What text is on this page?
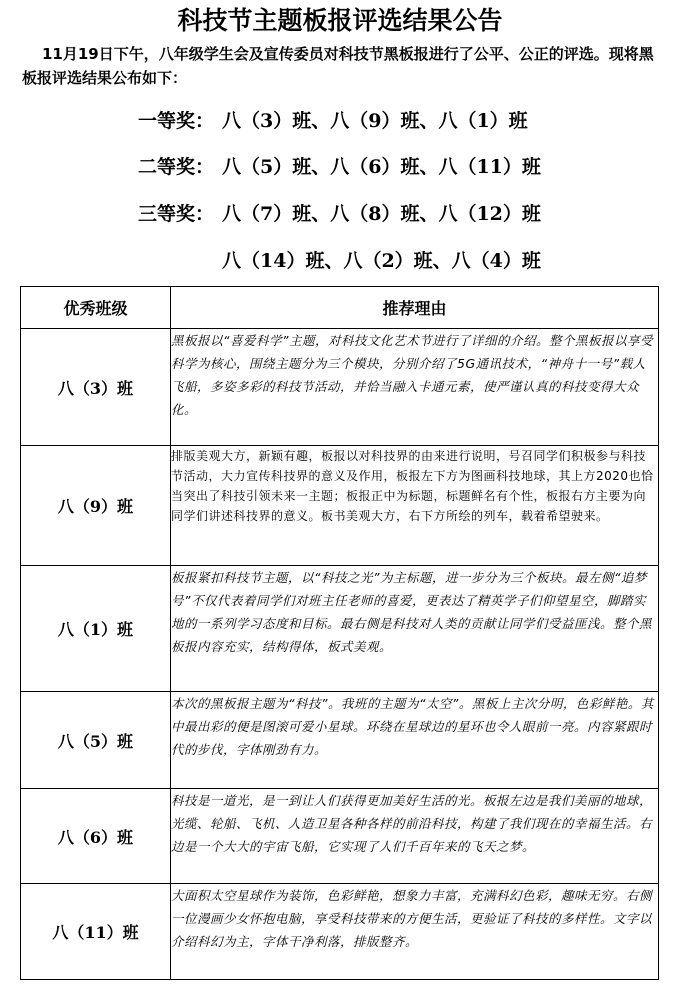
科技节主题板报评选结果公告
11月19日下午，八年级学生会及宣传委员对科技节黑板报进行了公平、公正的评选。现将黑板报评选结果公布如下：
一等奖： 八（3）班、八（9）班、八（1）班
二等奖： 八（5）班、八（6）班、八（11）班
三等奖： 八（7）班、八（8）班、八（12）班
八（14）班、八（2）班、八（4）班
优秀班级	推荐理由
八（3）班	黑板报以“喜爱科学”主题，对科技文化艺术节进行了详细的介绍。整个黑板报以享受科学为核心，围绕主题分为三个模块，分别介绍了5G通讯技术，“神舟十一号”载人飞船，多姿多彩的科技节活动，并恰当融入卡通元素，使严谨认真的科技变得大众化。

八（9）班	排版美观大方，新颖有趣，板报以对科技界的由来进行说明，号召同学们积极参与科技节活动，大力宣传科技界的意义及作用，板报左下方为图画科技地球，其上方2020也恰当突出了科技引领未来一主题；板报正中为标题，标题鲜名有个性，板报右方主要为向同学们讲述科技界的意义。板书美观大方，右下方所绘的列车，载着希望驶来。

八（1）班	板报紧扣科技节主题，以“科技之光”为主标题，进一步分为三个板块。最左侧“追梦号”不仅代表着同学们对班主任老师的喜爱，更表达了精英学子们仰望星空，脚踏实地的一系列学习态度和目标。最右侧是科技对人类的贡献让同学们受益匪浅。整个黑板报内容充实，结构得体，板式美观。

八（5）班	本次的黑板报主题为“科技”。我班的主题为“太空”。黑板上主次分明，色彩鲜艳。其中最出彩的便是图滚可爱小星球。环绕在星球边的星环也令人眼前一亮。内容紧跟时代的步伐，字体刚劲有力。

八（6）班	科技是一道光，是一到让人们获得更加美好生活的光。板报左边是我们美丽的地球，光缆、轮船、飞机、人造卫星各种各样的前沿科技，构建了我们现在的幸福生活。右边是一个大大的宇宙飞船，它实现了人们千百年来的飞天之梦。

八（11）班	大面积太空星球作为装饰，色彩鲜艳，想象力丰富，充满科幻色彩，趣味无穷。右侧一位漫画少女怀抱电脑，享受科技带来的方便生活，更验证了科技的多样性。文字以介绍科幻为主，字体干净利落，排版整齐。
